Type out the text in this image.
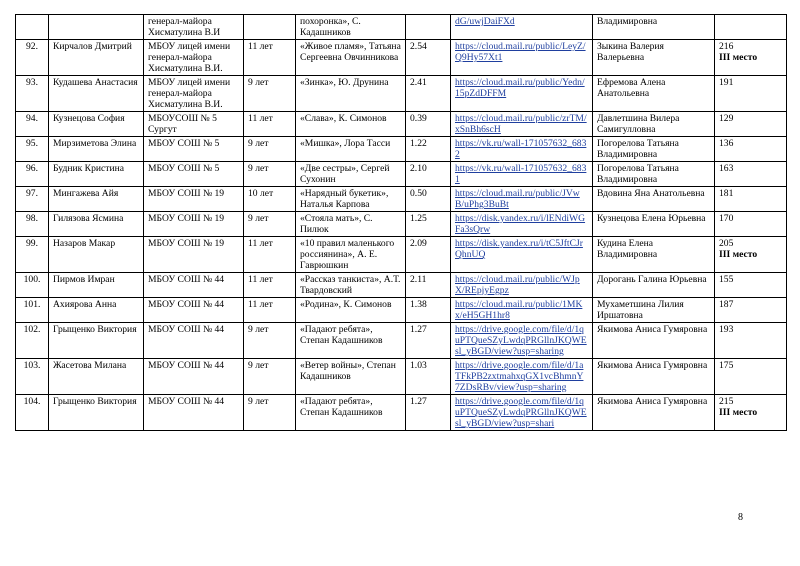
		генерал-майора Хисматулина В.И		похоронка», С. Кадашников		dG/uwjDaiFXd	Владимировна	
92.	Кирчалов Дмитрий	МБОУ лицей имени генерал-майора Хисматулина В.И.	11 лет	«Живое пламя», Татьяна Сергеевна Овчинникова	2.54	https://cloud.mail.ru/public/LeyZ/Q9Hy57Xt1	Зыкина Валерия Валерьевна	216
III место

93.	Кудашева Анастасия	МБОУ лицей имени генерал-майора Хисматулина В.И.	9 лет	«Зинка», Ю. Друнина	2.41	https://cloud.mail.ru/public/Yedn/15pZdDFFM	Ефремова Алена Анатольевна	191
94.	Кузнецова София	МБОУСОШ № 5 Сургут	11 лет	«Слава», К. Симонов	0.39	https://cloud.mail.ru/public/zrTM/xSnBh6scH	Давлетшина Вилера Самигулловна	129
95.	Мирзиметова Элина	МБОУ СОШ № 5	9 лет	«Мишка», Лора Тасси	1.22	https://vk.ru/wall-171057632_6832	Погорелова Татьяна Владимировна	136
96.	Будник Кристина	МБОУ СОШ № 5	9 лет	«Две сестры», Сергей Сухонин	2.10	https://vk.ru/wall-171057632_6831	Погорелова Татьяна Владимировна	163
97.	Мингажева Айя	МБОУ СОШ № 19	10 лет	«Нарядный букетик», Наталья Карпова	0.50	https://cloud.mail.ru/public/JVwB/uPhg3BuBt	Вдовина Яна Анатольевна	181
98.	Гилязова Ясмина	МБОУ СОШ № 19	9 лет	«Стояла мать», С. Пилюк	1.25	https://disk.yandex.ru/i/lENdiWGFa3sQrw	Кузнецова Елена Юрьевна	170
99.	Назаров Макар	МБОУ СОШ № 19	11 лет	«10 правил маленького россиянина», А. Е. Гаврюшкин	2.09	https://disk.yandex.ru/i/tC5JftCJrQhnUQ	Кудина Елена Владимировна	205
III место

100.	Пирмов Имран	МБОУ СОШ № 44	11 лет	«Рассказ танкиста», А.Т. Твардовский	2.11	https://cloud.mail.ru/public/WJpX/REpjyEgpz	Дорогань Галина Юрьевна	155
101.	Ахиярова Анна	МБОУ СОШ № 44	11 лет	«Родина», К. Симонов	1.38	https://cloud.mail.ru/public/1MKx/eH5GH1hr8	Мухаметшина Лилия Иршатовна	187
102.	Грыщенко Виктория	МБОУ СОШ № 44	9 лет	«Падают ребята», Степан Кадашников	1.27	https://drive.google.com/file/d/1quPTQueSZyLwdqPRGllnJKQWEsl_yBGD/view?usp=sharing	Якимова Аниса Гумяровна	193
103.	Жасетова Милана	МБОУ СОШ № 44	9 лет	«Ветер войны», Степан Кадашников	1.03	https://drive.google.com/file/d/1aTFkPB2zxtmahxqGX1vcBhmnY7ZDsRBv/view?usp=sharing	Якимова Аниса Гумяровна	175
104.	Грыщенко Виктория	МБОУ СОШ № 44	9 лет	«Падают ребята», Степан Кадашников	1.27	https://drive.google.com/file/d/1quPTQueSZyLwdqPRGllnJKQWEsl_yBGD/view?usp=shari	Якимова Аниса Гумяровна	215
III место
8
